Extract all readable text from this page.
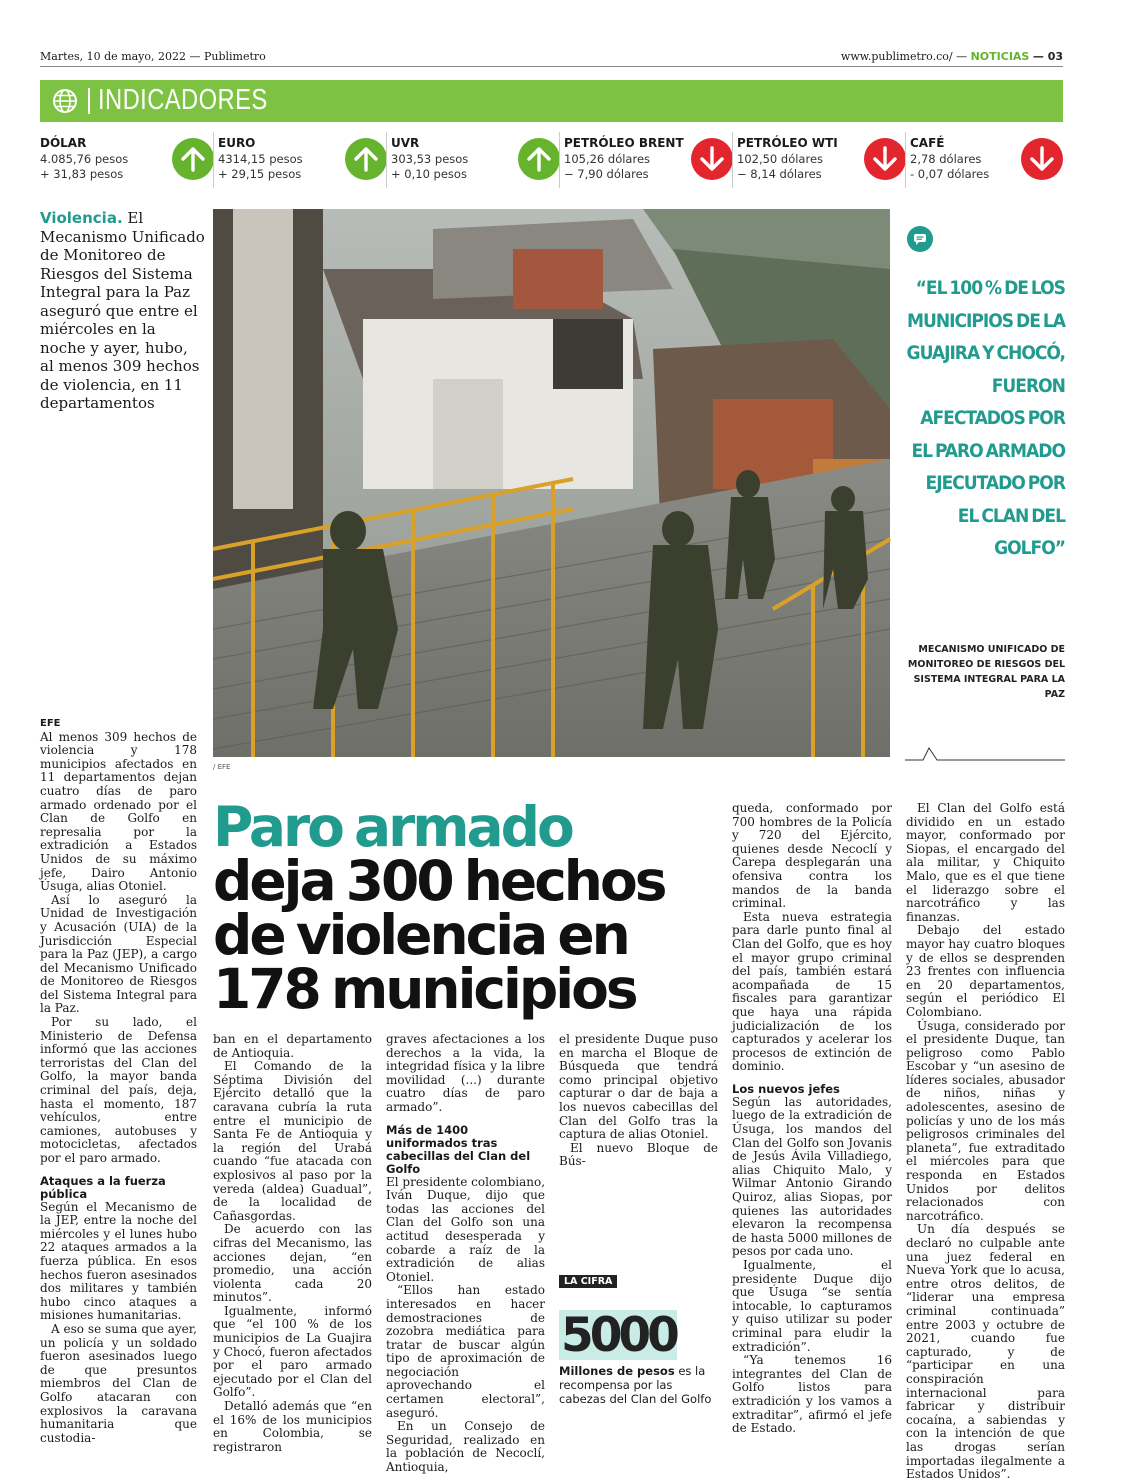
Martes, 10 de mayo, 2022 — Publimetro	www.publimetro.co/ — NOTICIAS — 03
INDICADORES
DÓLAR
4.085,76 pesos
+ 31,83 pesos
EURO
4314,15 pesos
+ 29,15 pesos
UVR
303,53 pesos
+ 0,10 pesos
PETRÓLEO BRENT
105,26 dólares
− 7,90 dólares
PETRÓLEO WTI
102,50 dólares
− 8,14 dólares
CAFÉ
2,78 dólares
- 0,07 dólares
Violencia. El Mecanismo Unificado de Monitoreo de Riesgos del Sistema Integral para la Paz aseguró que entre el miércoles en la noche y ayer, hubo, al menos 309 hechos de violencia, en 11 departamentos
/ EFE
“EL 100 % DE LOS MUNICIPIOS DE LA GUAJIRA Y CHOCÓ, FUERON AFECTADOS POR EL PARO ARMADO EJECUTADO POR EL CLAN DEL GOLFO”
MECANISMO UNIFICADO DE MONITOREO DE RIESGOS DEL SISTEMA INTEGRAL PARA LA PAZ
Paro armado
deja 300 hechos de violencia en 178 municipios

EFE

Al menos 309 hechos de violencia y 178 municipios afectados en 11 departamentos dejan cuatro días de paro armado ordenado por el Clan de Golfo en represalia por la extradición a Estados Unidos de su máximo jefe, Dairo Antonio Úsuga, alias Otoniel.

Así lo aseguró la Unidad de Investigación y Acusación (UIA) de la Jurisdicción Especial para la Paz (JEP), a cargo del Mecanismo Unificado de Monitoreo de Riesgos del Sistema Integral para la Paz.

Por su lado, el Ministerio de Defensa informó que las acciones terroristas del Clan del Golfo, la mayor banda criminal del país, deja, hasta el momento, 187 vehículos, entre camiones, autobuses y motocicletas, afectados por el paro armado.

Ataques a la fuerza pública

Según el Mecanismo de la JEP, entre la noche del miércoles y el lunes hubo 22 ataques armados a la fuerza pública. En esos hechos fueron asesinados dos militares y también hubo cinco ataques a misiones humanitarias.

A eso se suma que ayer, un policía y un soldado fueron asesinados luego de que presuntos miembros del Clan de Golfo atacaran con explosivos la caravana humanitaria que custodia-

ban en el departamento de Antioquia.

El Comando de la Séptima División del Ejército detalló que la caravana cubría la ruta entre el municipio de Santa Fe de Antioquia y la región del Urabá cuando “fue atacada con explosivos al paso por la vereda (aldea) Guadual”, de la localidad de Cañasgordas.

De acuerdo con las cifras del Mecanismo, las acciones dejan, “en promedio, una acción violenta cada 20 minutos”.

Igualmente, informó que “el 100 % de los municipios de La Guajira y Chocó, fueron afectados por el paro armado ejecutado por el Clan del Golfo”.

Detalló además que “en el 16% de los municipios en Colombia, se registraron

graves afectaciones a los derechos a la vida, la integridad física y la libre movilidad (...) durante cuatro días de paro armado”.

Más de 1400 uniformados tras cabecillas del Clan del Golfo

El presidente colombiano, Iván Duque, dijo que todas las acciones del Clan del Golfo son una actitud desesperada y cobarde a raíz de la extradición de alias Otoniel.

“Ellos han estado interesados en hacer demostraciones de zozobra mediática para tratar de buscar algún tipo de aproximación de negociación aprovechando el certamen electoral”, aseguró.

En un Consejo de Seguridad, realizado en la población de Necoclí, Antioquia,

el presidente Duque puso en marcha el Bloque de Búsqueda que tendrá como principal objetivo capturar o dar de baja a los nuevos cabecillas del Clan del Golfo tras la captura de alias Otoniel.

El nuevo Bloque de Bús-

LA CIFRA
5000
Millones de pesos es la recompensa por las cabezas del Clan del Golfo

queda, conformado por 700 hombres de la Policía y 720 del Ejército, quienes desde Necoclí y Carepa desplegarán una ofensiva contra los mandos de la banda criminal.

Esta nueva estrategia para darle punto final al Clan del Golfo, que es hoy el mayor grupo criminal del país, también estará acompañada de 15 fiscales para garantizar que haya una rápida judicialización de los capturados y acelerar los procesos de extinción de dominio.

Los nuevos jefes

Según las autoridades, luego de la extradición de Úsuga, los mandos del Clan del Golfo son Jovanis de Jesús Ávila Villadiego, alias Chiquito Malo, y Wilmar Antonio Girando Quiroz, alias Siopas, por quienes las autoridades elevaron la recompensa de hasta 5000 millones de pesos por cada uno.

Igualmente, el presidente Duque dijo que Úsuga “se sentía intocable, lo capturamos y quiso utilizar su poder criminal para eludir la extradición”.

“Ya tenemos 16 integrantes del Clan de Golfo listos para extradición y los vamos a extraditar”, afirmó el jefe de Estado.

El Clan del Golfo está dividido en un estado mayor, conformado por Siopas, el encargado del ala militar, y Chiquito Malo, que es el que tiene el liderazgo sobre el narcotráfico y las finanzas.

Debajo del estado mayor hay cuatro bloques y de ellos se desprenden 23 frentes con influencia en 20 departamentos, según el periódico El Colombiano.

Úsuga, considerado por el presidente Duque, tan peligroso como Pablo Escobar y “un asesino de líderes sociales, abusador de niños, niñas y adolescentes, asesino de policías y uno de los más peligrosos criminales del planeta”, fue extraditado el miércoles para que responda en Estados Unidos por delitos relacionados con narcotráfico.

Un día después se declaró no culpable ante una juez federal en Nueva York que lo acusa, entre otros delitos, de “liderar una empresa criminal continuada” entre 2003 y octubre de 2021, cuando fue capturado, y de “participar en una conspiración internacional para fabricar y distribuir cocaína, a sabiendas y con la intención de que las drogas serían importadas ilegalmente a Estados Unidos”.
